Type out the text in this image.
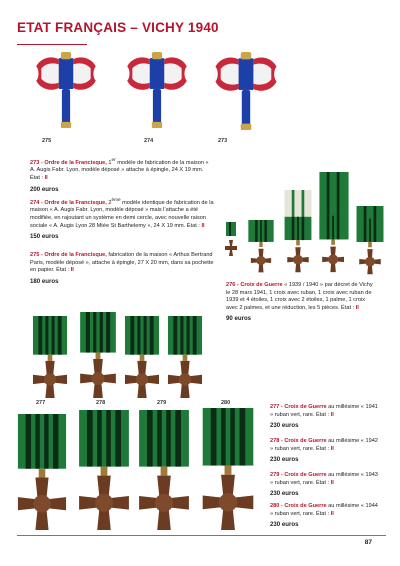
ETAT FRANÇAIS – VICHY 1940
275	274	273
273 - Ordre de la Francisque, 1er modèle de fabrication de la maison « A. Augis Fabr. Lyon, modèle déposé » attache à épingle, 24 X 19 mm. État : II
200 euros
274 - Ordre de la Francisque, 2ème modèle identique de fabrication de la maison « A. Augis Fabr. Lyon, modèle déposé » mais l’attache a été modifiée, en rajoutant un système en demi cercle, avec nouvelle raison sociale « A. Augis Lyon 28 Mtée St Barthelemy », 24 X 19 mm. État : II
150 euros
275 - Ordre de la Francisque, fabrication de la maison « Arthus Bertrand Paris, modèle déposé », attache à épingle, 27 X 20 mm, dans sa pochette en papier. État : II
180 euros
276 - Croix de Guerre « 1939 / 1940 » par décret de Vichy le 28 mars 1941, 1 croix avec ruban, 1 croix avec ruban de 1939 et 4 étoiles, 1 croix avec 2 étoiles, 1 palme, 1 croix avec 2 palmes, et une réduction, les 5 pièces. État : II
90 euros
277	278	279	280
277 - Croix de Guerre au millésime « 1941 » ruban vert, rare. État : II
230 euros
278 - Croix de Guerre au millésime « 1942 » ruban vert, rare. État : II
230 euros
279 - Croix de Guerre au millésime « 1943 » ruban vert, rare. État : II
230 euros
280 - Croix de Guerre au millésime « 1944 » ruban vert, rare. État : II
230 euros
87
